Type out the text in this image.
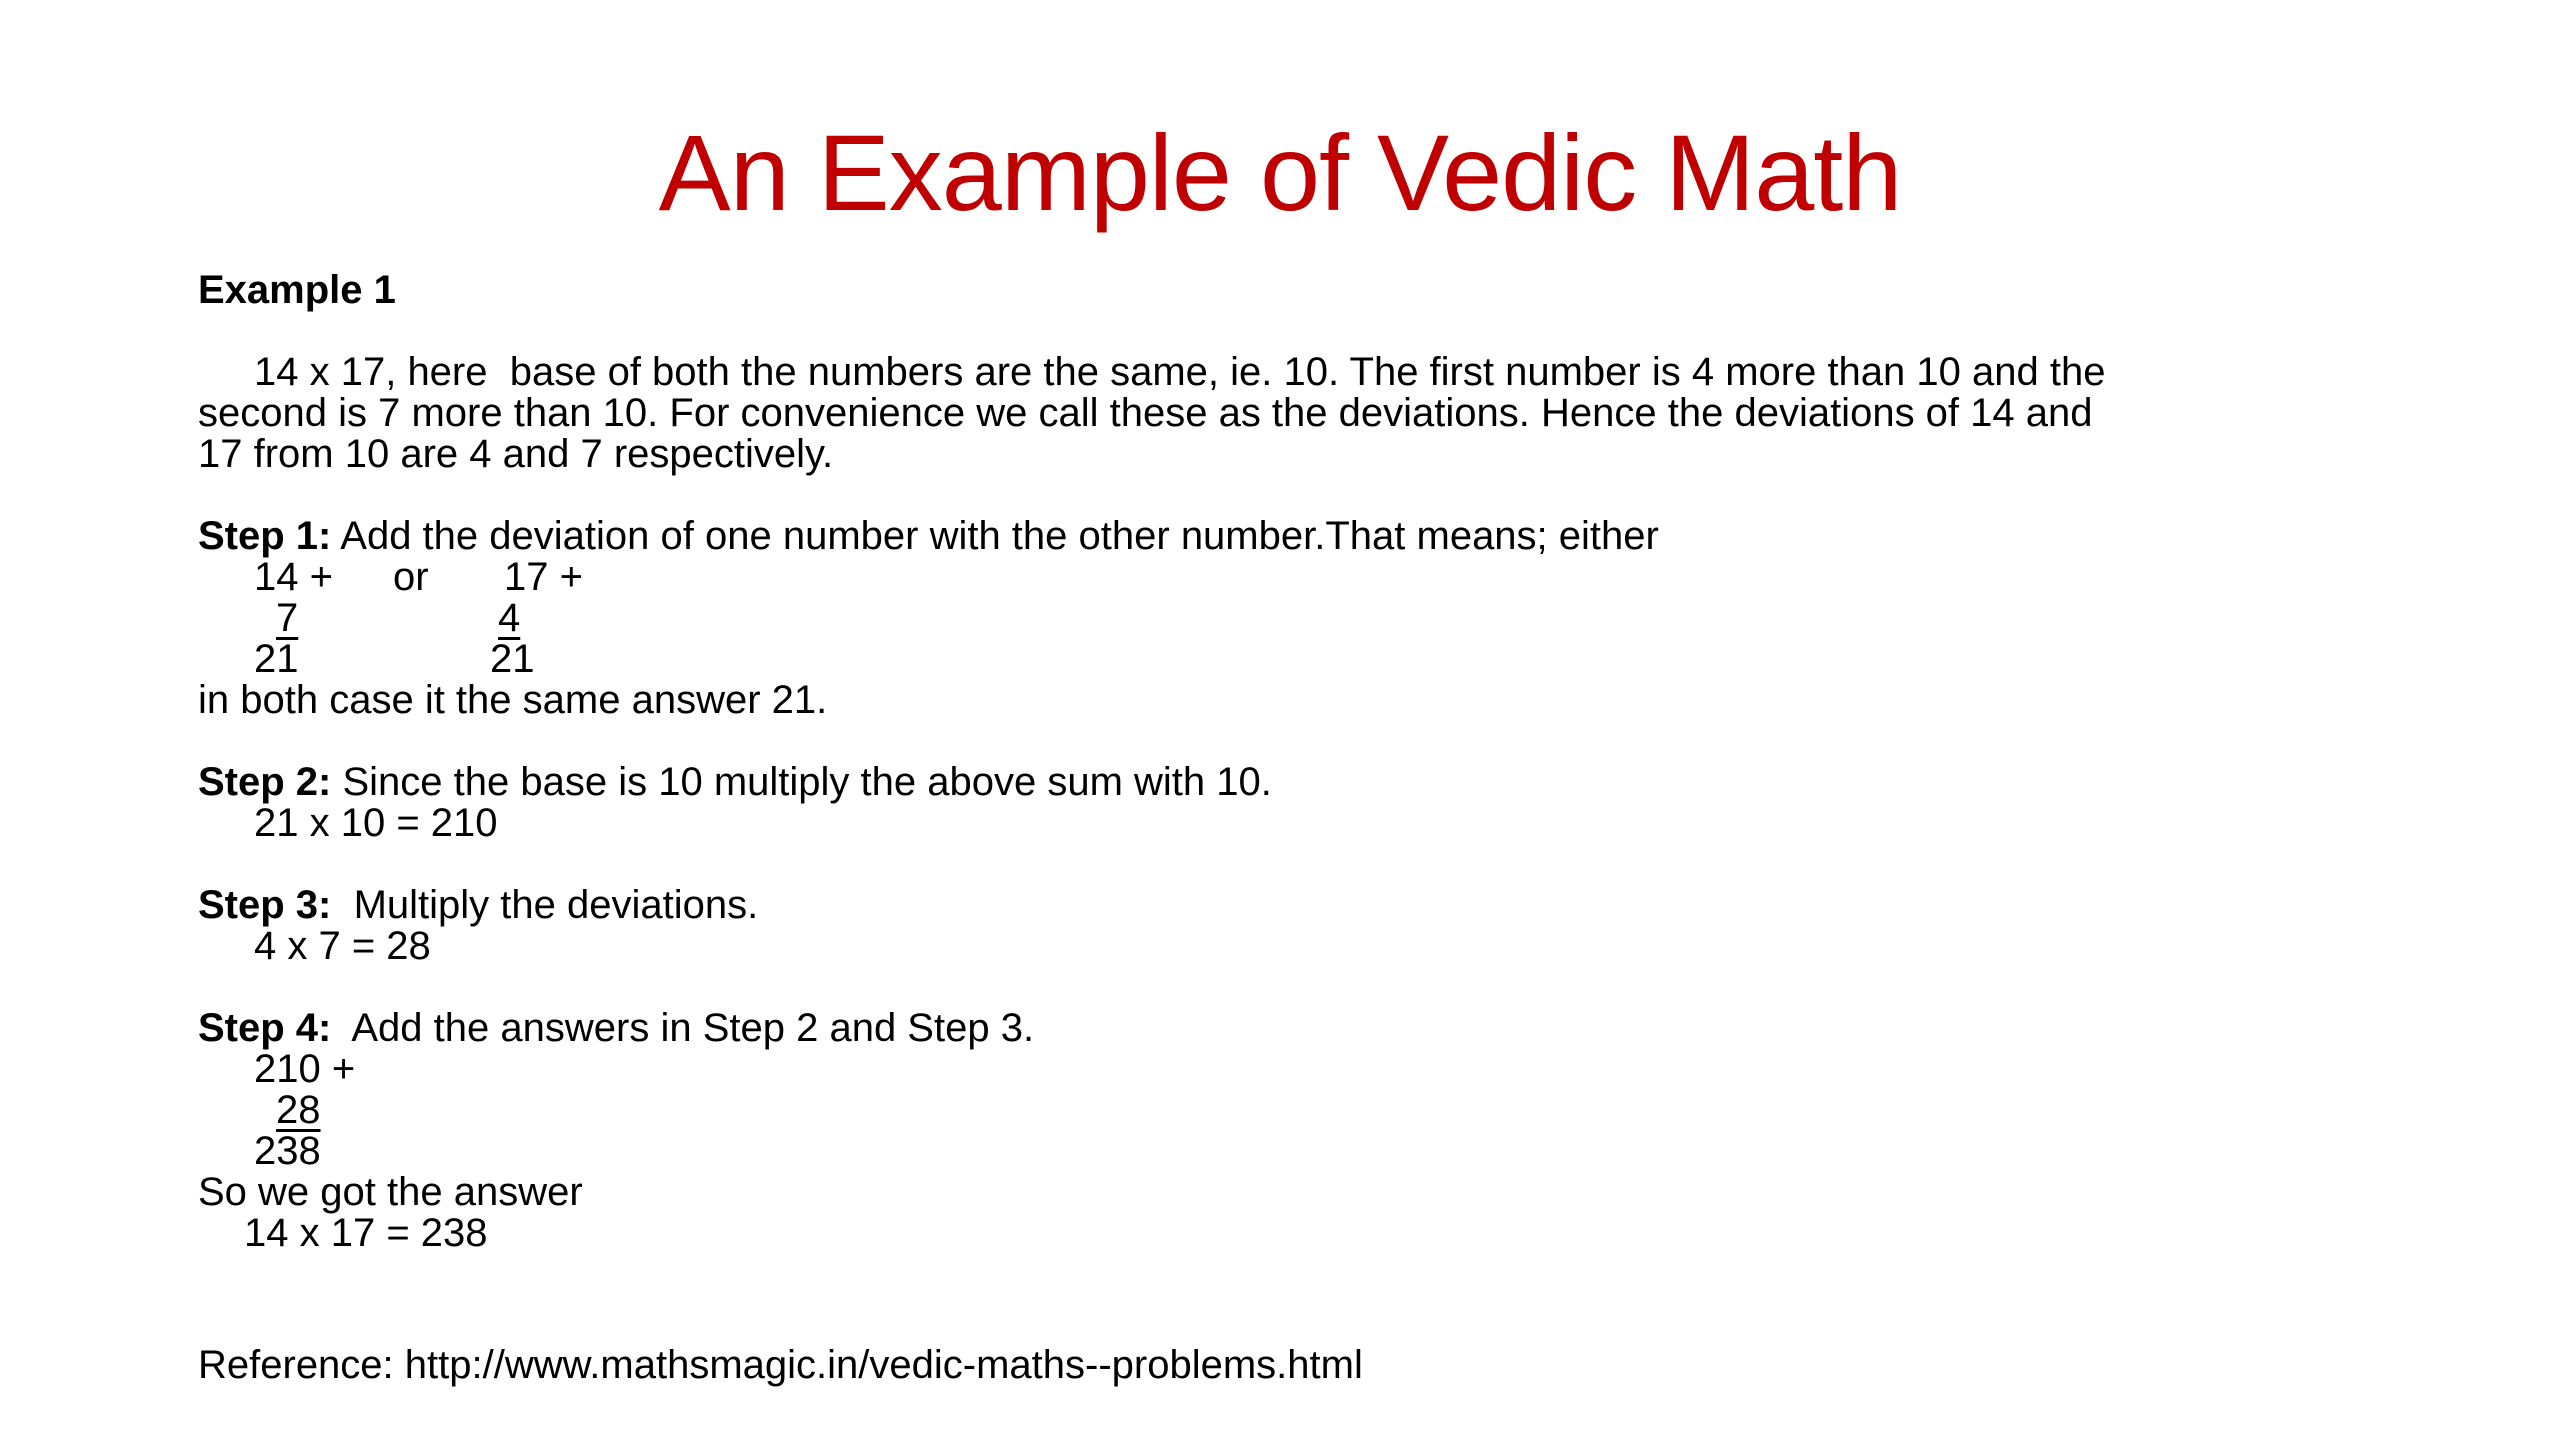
An Example of Vedic Math
Example 1
14 x 17, here  base of both the numbers are the same, ie. 10. The first number is 4 more than 10 and the
second is 7 more than 10. For convenience we call these as the deviations. Hence the deviations of 14 and
17 from 10 are 4 and 7 respectively.
Step 1: Add the deviation of one number with the other number.That means; either
14 + or 17 +
7	4
21	21
in both case it the same answer 21.
Step 2: Since the base is 10 multiply the above sum with 10.
21 x 10 = 210
Step 3:  Multiply the deviations.
4 x 7 = 28
Step 4:  Add the answers in Step 2 and Step 3.
210 +
28
238
So we got the answer
14 x 17 = 238
Reference: http://www.mathsmagic.in/vedic-maths--problems.html
